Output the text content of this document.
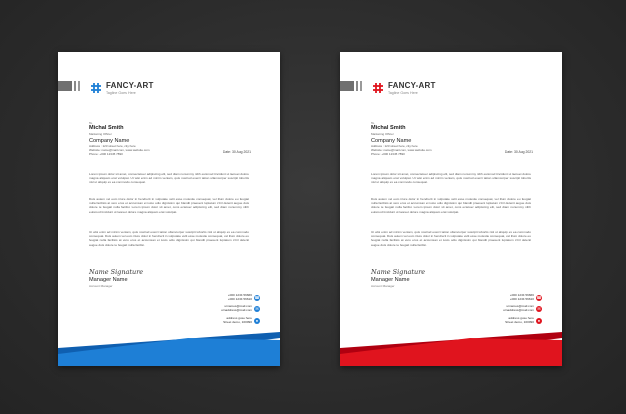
FANCY-ART
Tagline Goes Here
To,
Michal Smith
Marketing Officer
Company Name
Address : 123 street here, city here
Website: name@mail.com, www.website.com
Phone: +000 12345 7890	Date: 30 Aug 2021
Lorem ipsum dolor sit amet, consectetuer adipiscing elit, sed diam nonummy nibh euismod tincidunt ut laoreet dolore magna aliquam erat volutpat. Ut wisi enim ad minim veniam, quis nostrud exerci tation ullamcorper suscipit lobortis nisl ut aliquip ex ea commodo consequat.
Duis autem vel eum iriure dolor in hendrerit in vulputate velit esse molestie consequat, vel illum dolore eu feugiat nulla facilisis at vero eros et accumsan et iusto odio dignissim qui blandit praesent luptatum zzril delenit augue duis dolore te feugait nulla facilisi. Lorem ipsum dolor sit amet, cons ectetuer adipiscing elit, sed diam nonummy nibh euismod tincidunt ut laoreet dolore magna aliquam erat volutpat.
Ut wisi enim ad minim veniam, quis nostrud exerci tation ullamcorper suscipit lobortis nisl ut aliquip ex ea commodo consequat. Duis autem vel eum iriure dolor in hendrerit in vulputate velit esse molestie consequat, vel illum dolore eu feugiat nulla facilisis at vero eros et accumsan et iusto odio dignissim qui blandit praesent luptatum zzril delenit augue duis dolore te feugait nulla facilisi.
Name Signature
Manager Name
Account Manager
+000 1234 56666
+000 1234 56610 ☎
urnames@mail.com
urnaddress@mail.com ✉
address gose here
Street demo, 100090 ●
FANCY-ART
Tagline Goes Here
To,
Michal Smith
Marketing Officer
Company Name
Address : 123 street here, city here
Website: name@mail.com, www.website.com
Phone: +000 12345 7890	Date: 30 Aug 2021
Lorem ipsum dolor sit amet, consectetuer adipiscing elit, sed diam nonummy nibh euismod tincidunt ut laoreet dolore magna aliquam erat volutpat. Ut wisi enim ad minim veniam, quis nostrud exerci tation ullamcorper suscipit lobortis nisl ut aliquip ex ea commodo consequat.
Duis autem vel eum iriure dolor in hendrerit in vulputate velit esse molestie consequat, vel illum dolore eu feugiat nulla facilisis at vero eros et accumsan et iusto odio dignissim qui blandit praesent luptatum zzril delenit augue duis dolore te feugait nulla facilisi. Lorem ipsum dolor sit amet, cons ectetuer adipiscing elit, sed diam nonummy nibh euismod tincidunt ut laoreet dolore magna aliquam erat volutpat.
Ut wisi enim ad minim veniam, quis nostrud exerci tation ullamcorper suscipit lobortis nisl ut aliquip ex ea commodo consequat. Duis autem vel eum iriure dolor in hendrerit in vulputate velit esse molestie consequat, vel illum dolore eu feugiat nulla facilisis at vero eros et accumsan et iusto odio dignissim qui blandit praesent luptatum zzril delenit augue duis dolore te feugait nulla facilisi.
Name Signature
Manager Name
Account Manager
+000 1234 56666
+000 1234 56610 ☎
urnames@mail.com
urnaddress@mail.com ✉
address gose here
Street demo, 100090 ●
